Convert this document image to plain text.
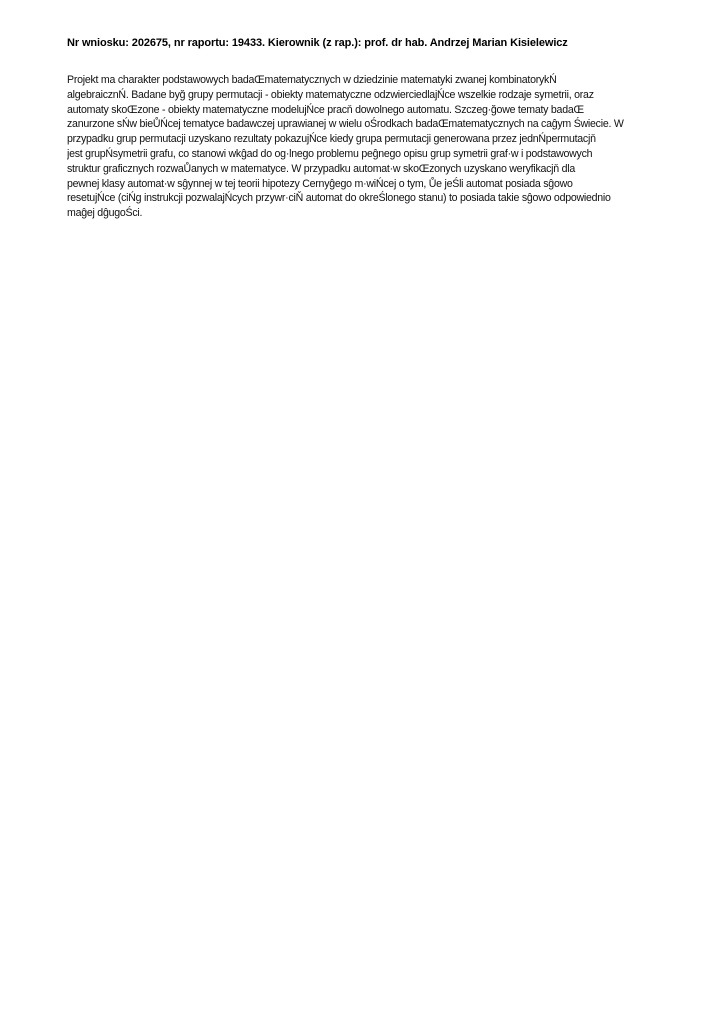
Nr wniosku: 202675, nr raportu: 19433. Kierownik (z rap.): prof. dr hab. Andrzej Marian Kisielewicz

Projekt ma charakter podstawowych badaŒmatematycznych w dziedzinie matematyki zwanej kombinatorykŃ
algebraicznŃ. Badane byğ grupy permutacji - obiekty matematyczne odzwierciedlajŃce wszelkie rodzaje symetrii, oraz
automaty skoŒzone - obiekty matematyczne modelujŃce pracň dowolnego automatu. Szczeg·ğowe tematy badaŒ
zanurzone sŃw bieŮŃcej tematyce badawczej uprawianej w wielu oŚrodkach badaŒmatematycznych na caĝym Świecie. W
przypadku grup permutacji uzyskano rezultaty pokazujŃce kiedy grupa permutacji generowana przez jednŃpermutacjň
jest grupŃsymetrii grafu, co stanowi wkĝad do og·lnego problemu peĝnego opisu grup symetrii graf·w i podstawowych
struktur graficznych rozwaŮanych w matematyce. W przypadku automat·w skoŒzonych uzyskano weryfikacjň dla
pewnej klasy automat·w sĝynnej w tej teorii hipotezy Cernyĝego m·wiŃcej o tym, Ůe jeŚli automat posiada sĝowo
resetujŃce (ciŃg instrukcji pozwalajŃcych przywr·ciŇ automat do okreŚlonego stanu) to posiada takie sĝowo odpowiednio
maĝej dĝugoŚci.
